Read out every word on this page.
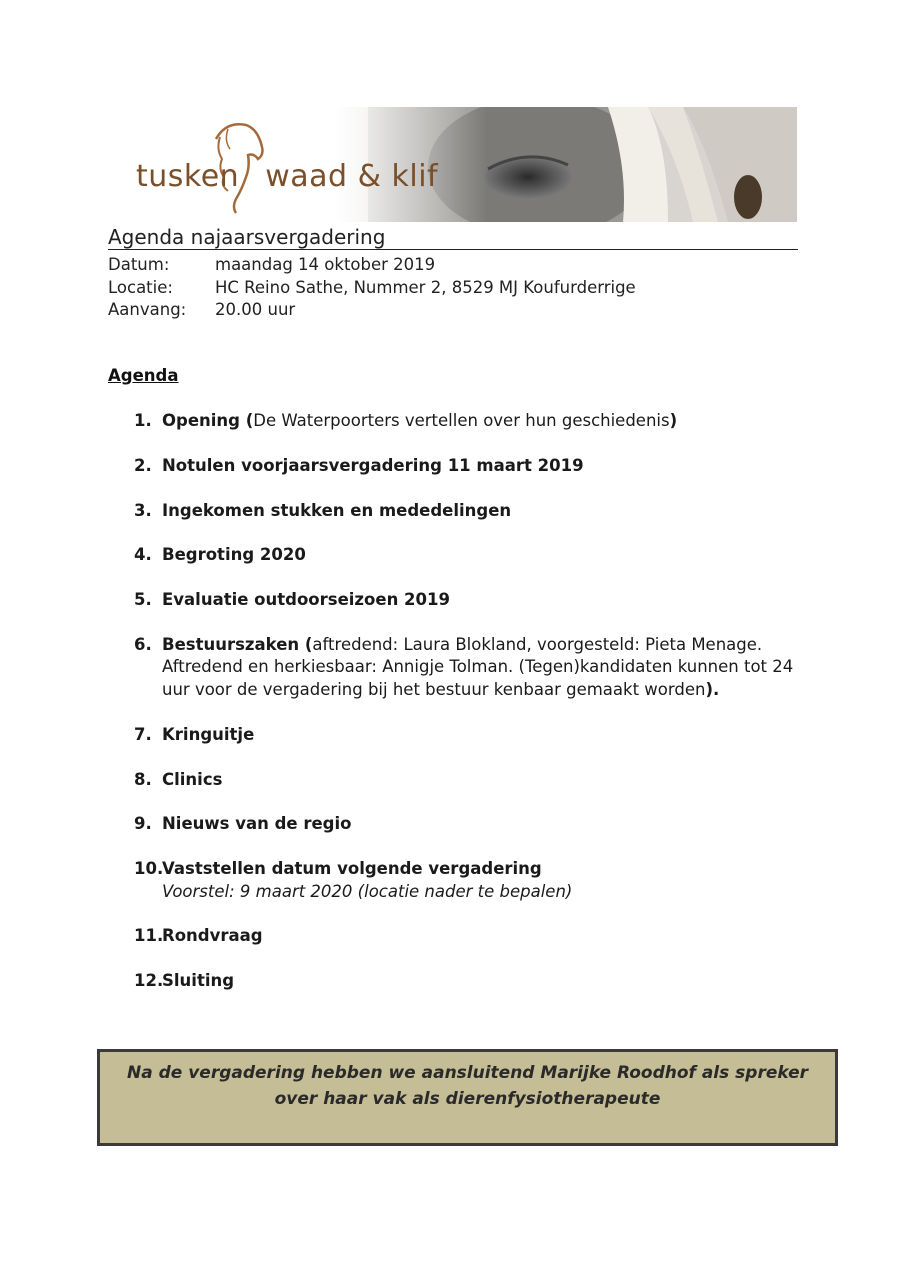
tusken waad & klif
Agenda najaarsvergadering
Datum:	maandag 14 oktober 2019
Locatie:	HC Reino Sathe, Nummer 2, 8529 MJ Koufurderrige
Aanvang:	20.00 uur
Agenda
1. Opening (De Waterpoorters vertellen over hun geschiedenis)
2. Notulen voorjaarsvergadering 11 maart 2019
3. Ingekomen stukken en mededelingen
4. Begroting 2020
5. Evaluatie outdoorseizoen 2019
6. Bestuurszaken (aftredend: Laura Blokland, voorgesteld: Pieta Menage. Aftredend en herkiesbaar: Annigje Tolman. (Tegen)kandidaten kunnen tot 24 uur voor de vergadering bij het bestuur kenbaar gemaakt worden).
7. Kringuitje
8. Clinics
9. Nieuws van de regio
10.
Vaststellen datum volgende vergadering
Voorstel: 9 maart 2020 (locatie nader te bepalen)
11.
Rondvraag
12.
Sluiting
Na de vergadering hebben we aansluitend Marijke Roodhof als spreker over haar vak als dierenfysiotherapeute
